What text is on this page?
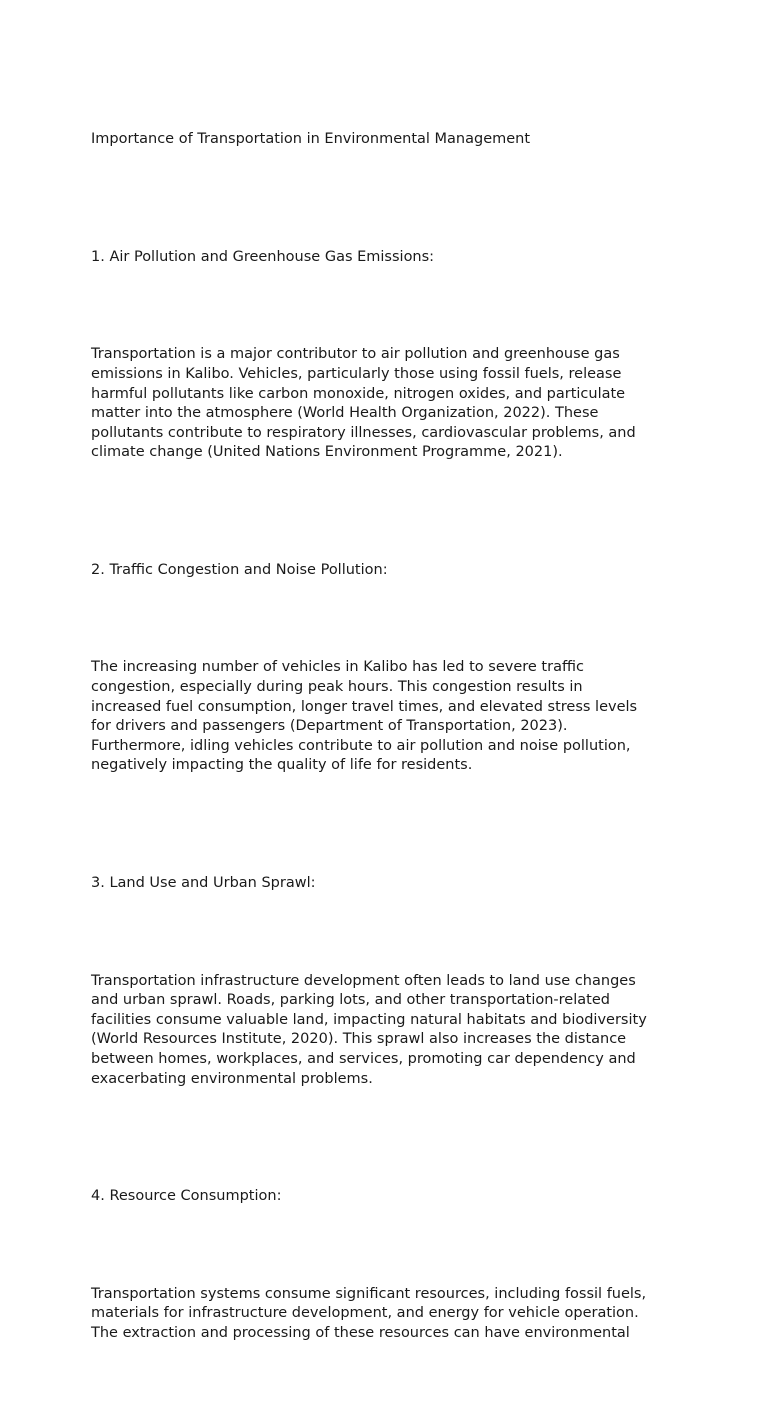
Importance of Transportation in Environmental Management

1. Air Pollution and Greenhouse Gas Emissions:

Transportation is a major contributor to air pollution and greenhouse gas
emissions in Kalibo. Vehicles, particularly those using fossil fuels, release
harmful pollutants like carbon monoxide, nitrogen oxides, and particulate
matter into the atmosphere (World Health Organization, 2022). These
pollutants contribute to respiratory illnesses, cardiovascular problems, and
climate change (United Nations Environment Programme, 2021).

2. Traffic Congestion and Noise Pollution:

The increasing number of vehicles in Kalibo has led to severe traffic
congestion, especially during peak hours. This congestion results in
increased fuel consumption, longer travel times, and elevated stress levels
for drivers and passengers (Department of Transportation, 2023).
Furthermore, idling vehicles contribute to air pollution and noise pollution,
negatively impacting the quality of life for residents.

3. Land Use and Urban Sprawl:

Transportation infrastructure development often leads to land use changes
and urban sprawl. Roads, parking lots, and other transportation-related
facilities consume valuable land, impacting natural habitats and biodiversity
(World Resources Institute, 2020). This sprawl also increases the distance
between homes, workplaces, and services, promoting car dependency and
exacerbating environmental problems.

4. Resource Consumption:

Transportation systems consume significant resources, including fossil fuels,
materials for infrastructure development, and energy for vehicle operation.
The extraction and processing of these resources can have environmental
